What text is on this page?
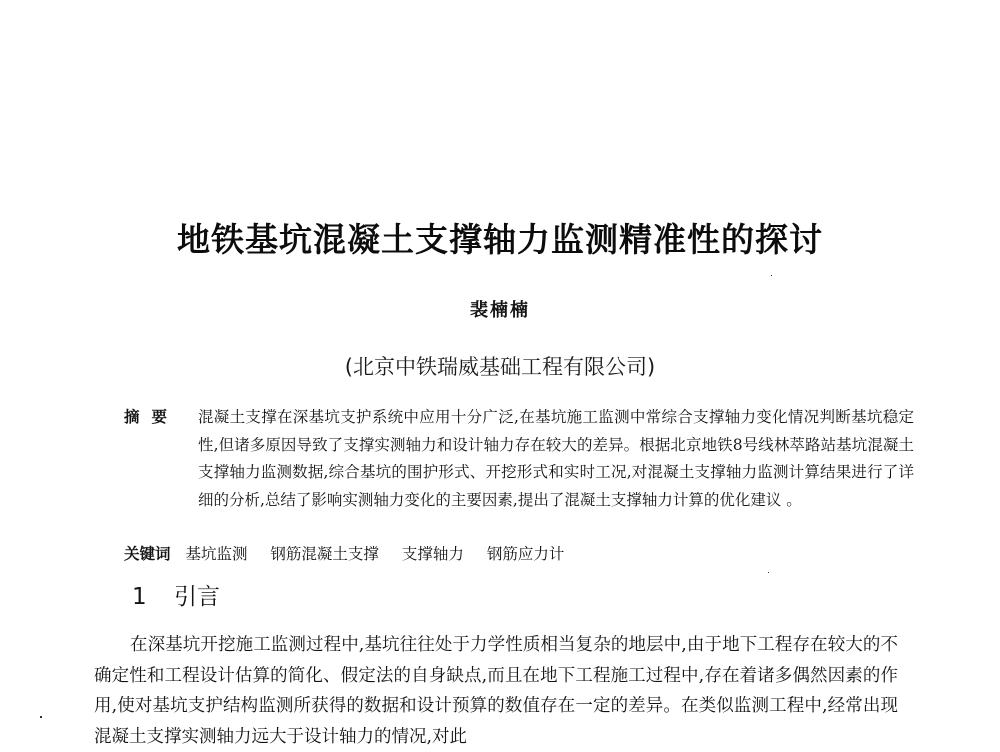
地铁基坑混凝土支撑轴力监测精准性的探讨
裴楠楠
(北京中铁瑞威基础工程有限公司)
摘要	混凝土支撑在深基坑支护系统中应用十分广泛,在基坑施工监测中常综合支撑轴力变化情况判断基坑稳定性,但诸多原因导致了支撑实测轴力和设计轴力存在较大的差异。根据北京地铁8号线林萃路站基坑混凝土支撑轴力监测数据,综合基坑的围护形式、开挖形式和实时工况,对混凝土支撑轴力监测计算结果进行了详细的分析,总结了影响实测轴力变化的主要因素,提出了混凝土支撑轴力计算的优化建议 。
关键词 基坑监测 钢筋混凝土支撑 支撑轴力 钢筋应力计
1 引言

在深基坑开挖施工监测过程中,基坑往往处于力学性质相当复杂的地层中,由于地下工程存在较大的不确定性和工程设计估算的简化、假定法的自身缺点,而且在地下工程施工过程中,存在着诸多偶然因素的作用,使对基坑支护结构监测所获得的数据和设计预算的数值存在一定的差异。在类似监测工程中,经常出现混凝土支撑实测轴力远大于设计轴力的情况,对此
